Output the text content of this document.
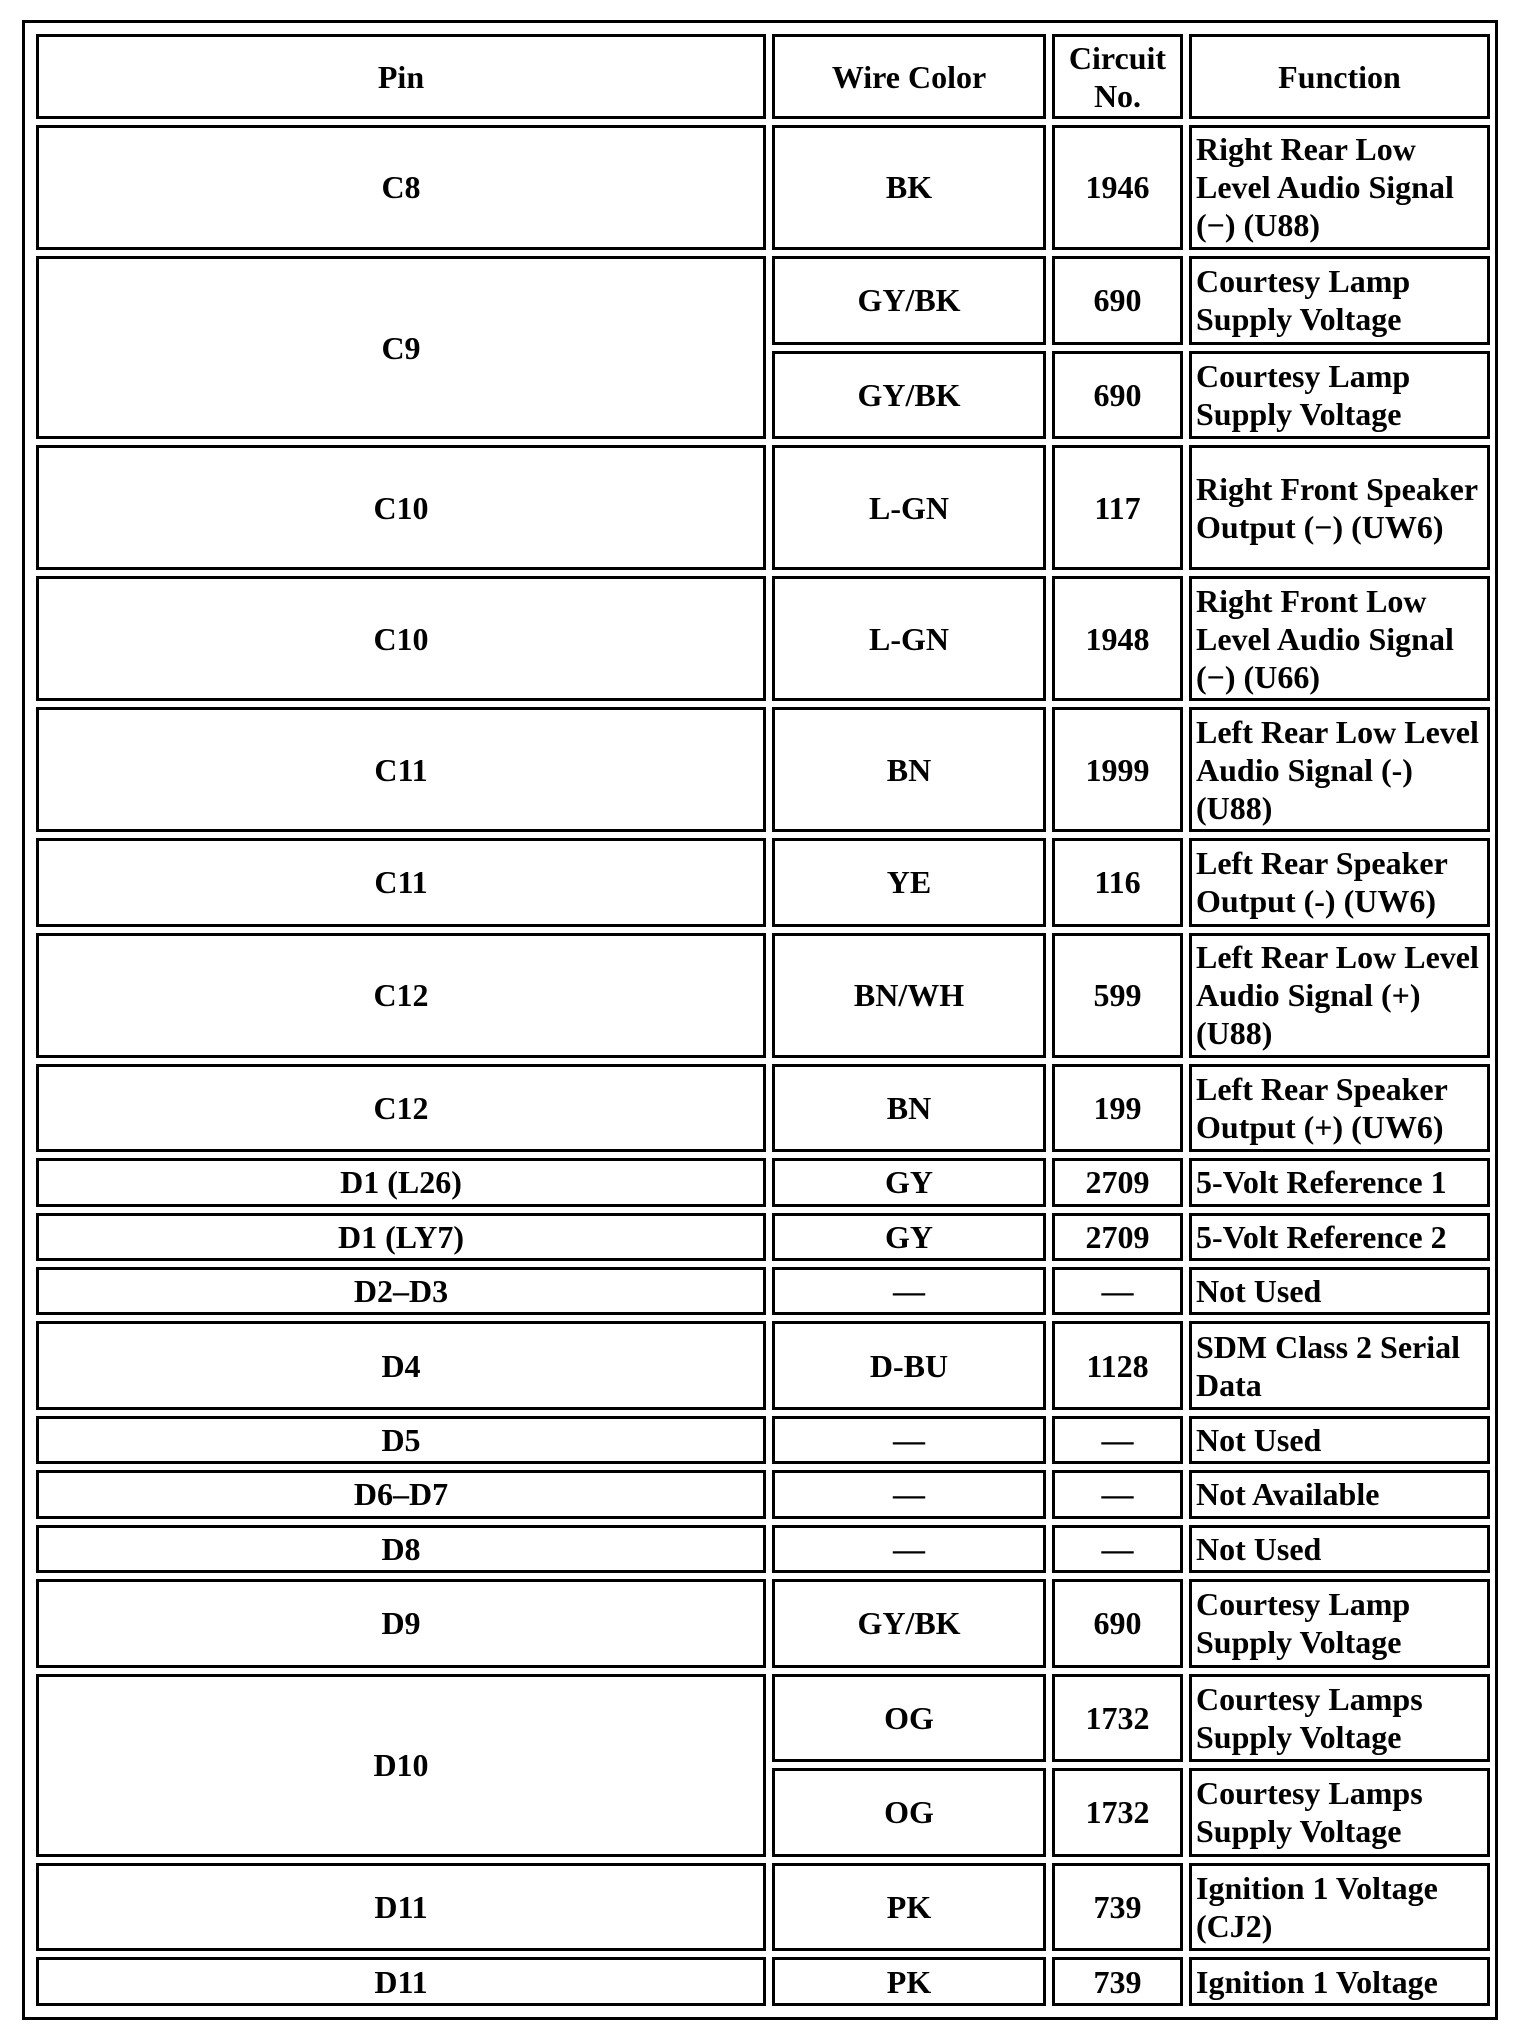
Pin	Wire Color	Circuit No.	Function
C8	BK	1946	Right Rear Low Level Audio Signal (−) (U88)
C9	GY/BK	690	Courtesy Lamp Supply Voltage
	GY/BK	690	Courtesy Lamp Supply Voltage
C10	L-GN	117	Right Front Speaker Output (−) (UW6)
C10	L-GN	1948	Right Front Low Level Audio Signal (−) (U66)
C11	BN	1999	Left Rear Low Level Audio Signal (-) (U88)
C11	YE	116	Left Rear Speaker Output (-) (UW6)
C12	BN/WH	599	Left Rear Low Level Audio Signal (+) (U88)
C12	BN	199	Left Rear Speaker Output (+) (UW6)
D1 (L26)	GY	2709	5-Volt Reference 1
D1 (LY7)	GY	2709	5-Volt Reference 2
D2–D3	—	—	Not Used
D4	D-BU	1128	SDM Class 2 Serial Data
D5	—	—	Not Used
D6–D7	—	—	Not Available
D8	—	—	Not Used
D9	GY/BK	690	Courtesy Lamp Supply Voltage
D10	OG	1732	Courtesy Lamps Supply Voltage
	OG	1732	Courtesy Lamps Supply Voltage
D11	PK	739	Ignition 1 Voltage (CJ2)
D11	PK	739	Ignition 1 Voltage
